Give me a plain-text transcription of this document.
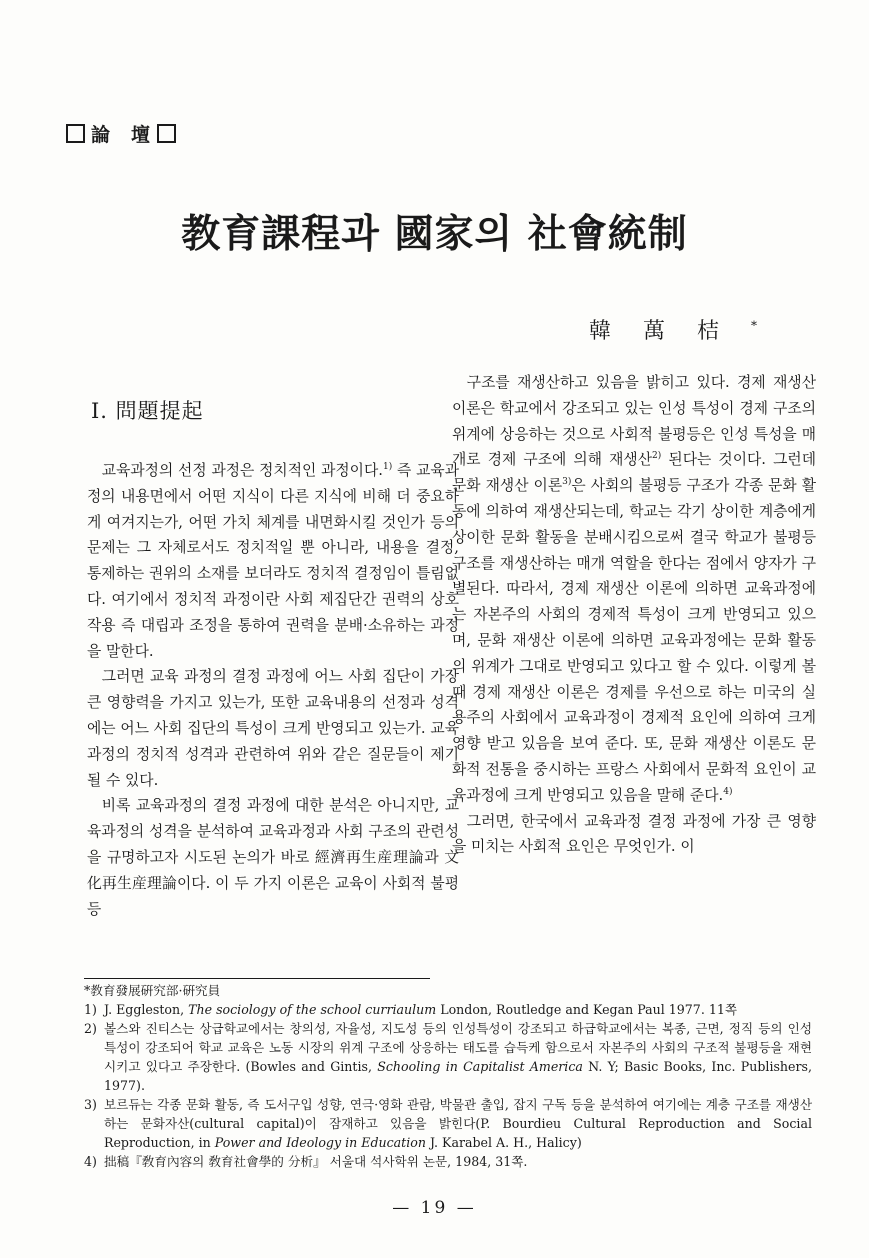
論　壇
教育課程과 國家의 社會統制
韓萬桔*
I. 問題提起

교육과정의 선정 과정은 정치적인 과정이다.$^{1)}$ 즉 교육과정의 내용면에서 어떤 지식이 다른 지식에 비해 더 중요하게 여겨지는가, 어떤 가치 체계를 내면화시킬 것인가 등의 문제는 그 자체로서도 정치적일 뿐 아니라, 내용을 결정, 통제하는 권위의 소재를 보더라도 정치적 결정임이 틀림없다. 여기에서 정치적 과정이란 사회 제집단간 권력의 상호작용 즉 대립과 조정을 통하여 권력을 분배·소유하는 과정을 말한다.

그러면 교육 과정의 결정 과정에 어느 사회 집단이 가장 큰 영향력을 가지고 있는가, 또한 교육내용의 선정과 성격에는 어느 사회 집단의 특성이 크게 반영되고 있는가. 교육과정의 정치적 성격과 관련하여 위와 같은 질문들이 제기될 수 있다.

비록 교육과정의 결정 과정에 대한 분석은 아니지만, 교육과정의 성격을 분석하여 교육과정과 사회 구조의 관련성을 규명하고자 시도된 논의가 바로 經濟再生産理論과 文化再生産理論이다. 이 두 가지 이론은 교육이 사회적 불평등

구조를 재생산하고 있음을 밝히고 있다. 경제 재생산 이론은 학교에서 강조되고 있는 인성 특성이 경제 구조의 위계에 상응하는 것으로 사회적 불평등은 인성 특성을 매개로 경제 구조에 의해 재생산$^{2)}$ 된다는 것이다. 그런데 문화 재생산 이론$^{3)}$은 사회의 불평등 구조가 각종 문화 활동에 의하여 재생산되는데, 학교는 각기 상이한 계층에게 상이한 문화 활동을 분배시킴으로써 결국 학교가 불평등 구조를 재생산하는 매개 역할을 한다는 점에서 양자가 구별된다. 따라서, 경제 재생산 이론에 의하면 교육과정에는 자본주의 사회의 경제적 특성이 크게 반영되고 있으며, 문화 재생산 이론에 의하면 교육과정에는 문화 활동의 위계가 그대로 반영되고 있다고 할 수 있다. 이렇게 볼 때 경제 재생산 이론은 경제를 우선으로 하는 미국의 실용주의 사회에서 교육과정이 경제적 요인에 의하여 크게 영향 받고 있음을 보여 준다. 또, 문화 재생산 이론도 문화적 전통을 중시하는 프랑스 사회에서 문화적 요인이 교육과정에 크게 반영되고 있음을 말해 준다.$^{4)}$

그러면, 한국에서 교육과정 결정 과정에 가장 큰 영향을 미치는 사회적 요인은 무엇인가. 이

*教育發展硏究部·硏究員

1) J. Eggleston, The sociology of the school curriaulum London, Routledge and Kegan Paul 1977. 11쪽

2) 볼스와 진티스는 상급학교에서는 창의성, 자율성, 지도성 등의 인성특성이 강조되고 하급학교에서는 복종, 근면, 정직 등의 인성 특성이 강조되어 학교 교육은 노동 시장의 위계 구조에 상응하는 태도를 습득케 함으로서 자본주의 사회의 구조적 불평등을 재현시키고 있다고 주장한다. (Bowles and Gintis, Schooling in Capitalist America N. Y; Basic Books, Inc. Publishers, 1977).

3) 보르듀는 각종 문화 활동, 즉 도서구입 성향, 연극·영화 관람, 박물관 출입, 잡지 구독 등을 분석하여 여기에는 계층 구조를 재생산하는 문화자산(cultural capital)이 잠재하고 있음을 밝힌다(P. Bourdieu Cultural Reproduction and Social Reproduction, in Power and Ideology in Education J. Karabel A. H., Halicy)

4) 拙稿『敎育內容의 敎育社會學的 分析』 서울대 석사학위 논문, 1984, 31쪽.

— 19 —
